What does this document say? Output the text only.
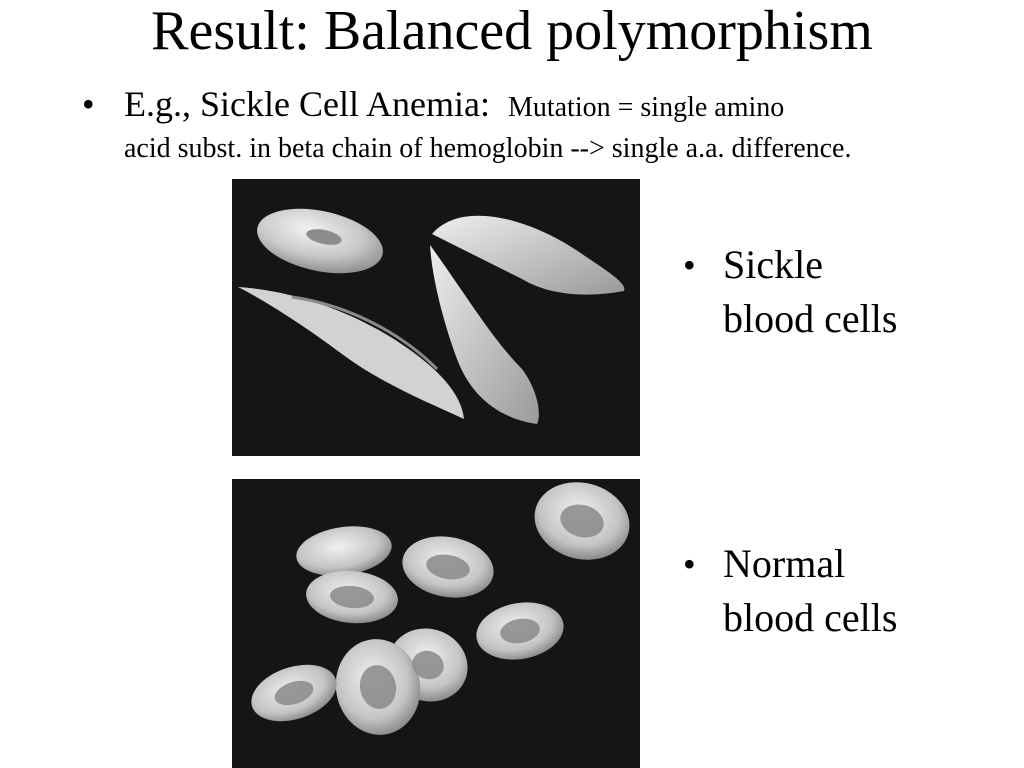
Result: Balanced polymorphism
• E.g., Sickle Cell Anemia: Mutation = single amino
acid subst. in beta chain of hemoglobin --> single a.a. difference.
• Sickle
blood cells
• Normal
blood cells
